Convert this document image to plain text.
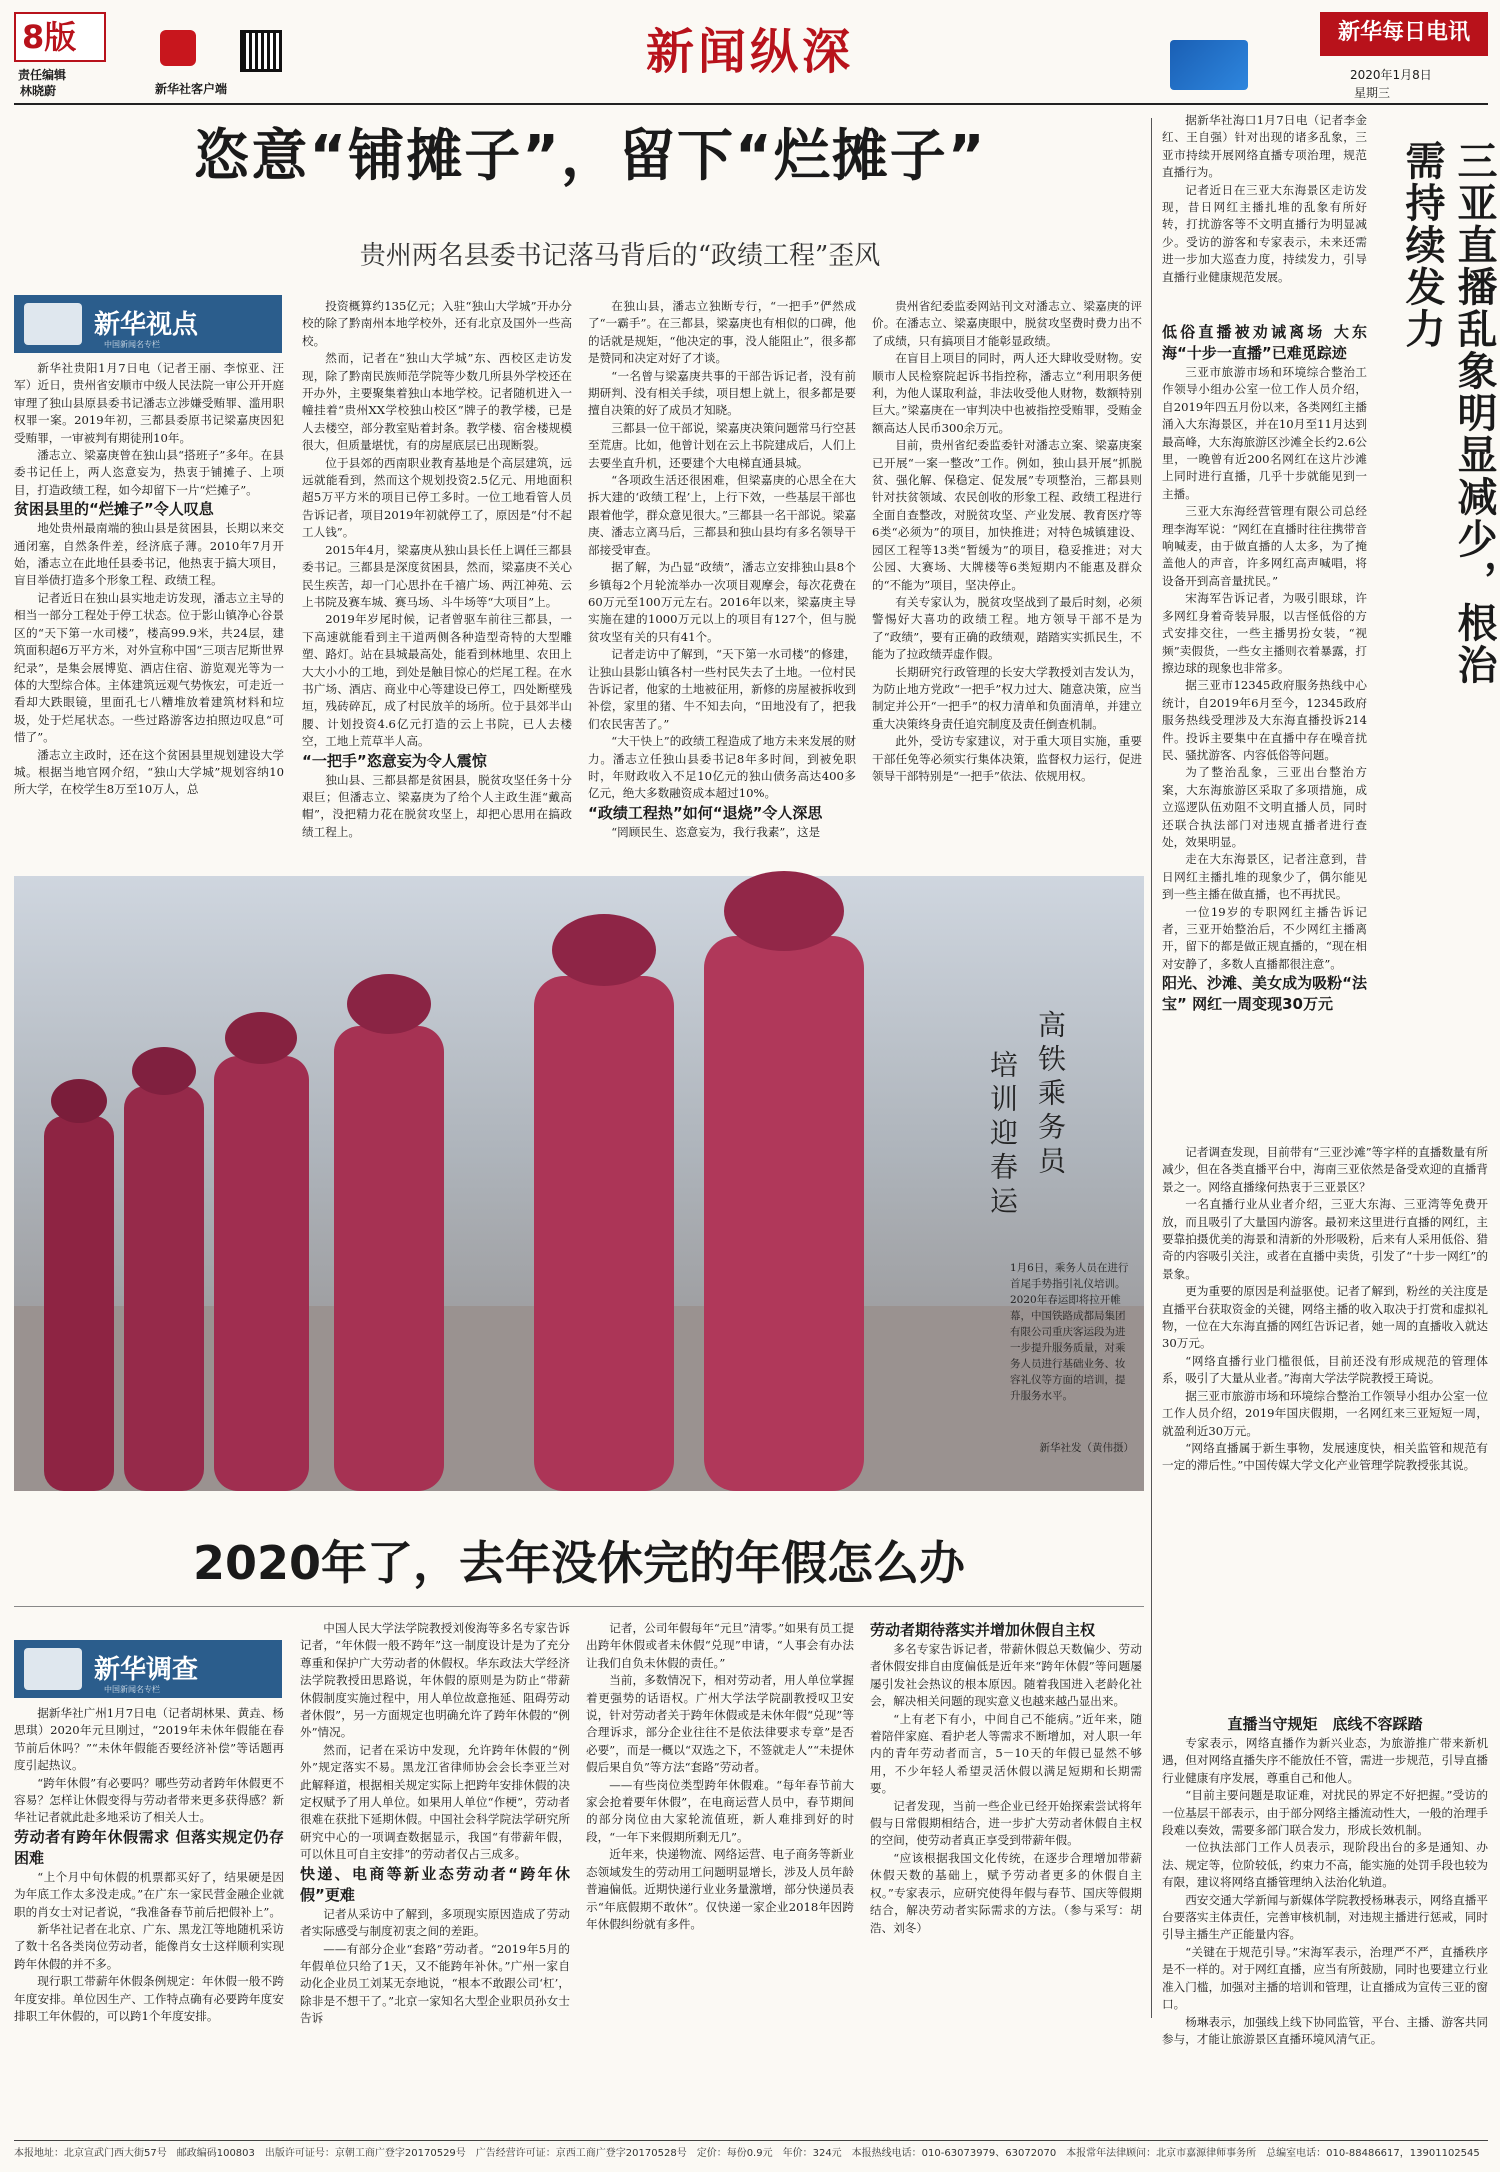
8版
责任编辑
林晓蔚	新华社客户端
新闻纵深	新华每日电讯
2020年1月8日
星期三
恣意“铺摊子”，留下“烂摊子”
贵州两名县委书记落马背后的“政绩工程”歪风
新华视点
中国新闻名专栏

新华社贵阳1月7日电（记者王丽、李惊亚、汪军）近日，贵州省安顺市中级人民法院一审公开开庭审理了独山县原县委书记潘志立涉嫌受贿罪、滥用职权罪一案。2019年初，三都县委原书记梁嘉庚因犯受贿罪，一审被判有期徒刑10年。

潘志立、梁嘉庚曾在独山县“搭班子”多年。在县委书记任上，两人恣意妄为，热衷于铺摊子、上项目，打造政绩工程，如今却留下一片“烂摊子”。

贫困县里的“烂摊子”令人叹息

地处贵州最南端的独山县是贫困县，长期以来交通闭塞，自然条件差，经济底子薄。2010年7月开始，潘志立在此地任县委书记，他热衷于搞大项目，盲目举债打造多个形象工程、政绩工程。

记者近日在独山县实地走访发现，潘志立主导的相当一部分工程处于停工状态。位于影山镇净心谷景区的“天下第一水司楼”，楼高99.9米，共24层，建筑面积超6万平方米，对外宣称中国“三项吉尼斯世界纪录”，是集会展博览、酒店住宿、游览观光等为一体的大型综合体。主体建筑远观气势恢宏，可走近一看却大跌眼镜，里面孔七八糟堆放着建筑材料和垃圾，处于烂尾状态。一些过路游客边拍照边叹息“可惜了”。

潘志立主政时，还在这个贫困县里规划建设大学城。根据当地官网介绍，“独山大学城”规划容纳10所大学，在校学生8万至10万人，总

投资概算约135亿元；入驻“独山大学城”开办分校的除了黔南州本地学校外，还有北京及国外一些高校。

然而，记者在“独山大学城”东、西校区走访发现，除了黔南民族师范学院等少数几所县外学校还在开办外，主要聚集着独山本地学校。记者随机进入一幢挂着“贵州XX学校独山校区”牌子的教学楼，已是人去楼空，部分教室贴着封条。教学楼、宿舍楼规模很大，但质量堪忧，有的房屋底层已出现断裂。

位于县郊的西南职业教育基地是个高层建筑，远远就能看到，然而这个规划投资2.5亿元、用地面积超5万平方米的项目已停工多时。一位工地看管人员告诉记者，项目2019年初就停工了，原因是“付不起工人钱”。

2015年4月，梁嘉庚从独山县长任上调任三都县委书记。三都县是深度贫困县，然而，梁嘉庚不关心民生疾苦，却一门心思扑在千禧广场、两江神苑、云上书院及赛车城、赛马场、斗牛场等“大项目”上。

2019年岁尾时候，记者曾驱车前往三都县，一下高速就能看到主干道两侧各种造型奇特的大型雕塑、路灯。站在县城最高处，能看到林地里、农田上大大小小的工地，到处是触目惊心的烂尾工程。在水书广场、酒店、商业中心等建设已停工，四处断壁残垣，残砖碎瓦，成了村民放羊的场所。位于县郊半山腰、计划投资4.6亿元打造的云上书院，已人去楼空，工地上荒草半人高。

“一把手”恣意妄为令人震惊

独山县、三都县都是贫困县，脱贫攻坚任务十分艰巨；但潘志立、梁嘉庚为了给个人主政生涯“戴高帽”，没把精力花在脱贫攻坚上，却把心思用在搞政绩工程上。

在独山县，潘志立独断专行，“一把手”俨然成了“一霸手”。在三都县，梁嘉庚也有相似的口碑，他的话就是规矩，“他决定的事，没人能阻止”，很多都是赞同和决定对好了才谈。

“一名曾与梁嘉庚共事的干部告诉记者，没有前期研判、没有相关手续，项目想上就上，很多都是要擅自决策的好了成员才知晓。

三都县一位干部说，梁嘉庚决策问题常马行空甚至荒唐。比如，他曾计划在云上书院建成后，人们上去要坐直升机，还要建个大电梯直通县城。

“各项政生活还很困难，但梁嘉庚的心思全在大拆大建的‘政绩工程’上，上行下效，一些基层干部也跟着他学，群众意见很大。”三都县一名干部说。梁嘉庚、潘志立离马后，三都县和独山县均有多名领导干部接受审查。

据了解，为凸显“政绩”，潘志立安排独山县8个乡镇每2个月轮流举办一次项目观摩会，每次花费在60万元至100万元左右。2016年以来，梁嘉庚主导实施在建的1000万元以上的项目有127个，但与脱贫攻坚有关的只有41个。

记者走访中了解到，“天下第一水司楼”的修建，让独山县影山镇各村一些村民失去了土地。一位村民告诉记者，他家的土地被征用，新修的房屋被拆收到补偿，家里的猪、牛不知去向，“田地没有了，把我们农民害苦了。”

“大干快上”的政绩工程造成了地方未来发展的财力。潘志立任独山县委书记8年多时间，到被免职时，年财政收入不足10亿元的独山债务高达400多亿元，绝大多数融资成本超过10%。

“政绩工程热”如何“退烧”令人深思

“罔顾民生、恣意妄为，我行我素”，这是

贵州省纪委监委网站刊文对潘志立、梁嘉庚的评价。在潘志立、梁嘉庚眼中，脱贫攻坚费时费力出不了成绩，只有搞项目才能彰显政绩。

在盲目上项目的同时，两人还大肆收受财物。安顺市人民检察院起诉书指控称，潘志立“利用职务便利，为他人谋取利益，非法收受他人财物，数额特别巨大。”梁嘉庚在一审判决中也被指控受贿罪，受贿金额高达人民币300余万元。

目前，贵州省纪委监委针对潘志立案、梁嘉庚案已开展“一案一整改”工作。例如，独山县开展“抓脱贫、强化解、保稳定、促发展”专项整治，三都县则针对扶贫领域、农民创收的形象工程、政绩工程进行全面自查整改，对脱贫攻坚、产业发展、教育医疗等6类“必须为”的项目，加快推进；对特色城镇建设、园区工程等13类“暂缓为”的项目，稳妥推进；对大公园、大赛场、大牌楼等6类短期内不能惠及群众的“不能为”项目，坚决停止。

有关专家认为，脱贫攻坚战到了最后时刻，必须警惕好大喜功的政绩工程。地方领导干部不是为了“政绩”，要有正确的政绩观，踏踏实实抓民生，不能为了拉政绩弄虚作假。

长期研究行政管理的长安大学教授刘吉发认为，为防止地方党政“一把手”权力过大、随意决策，应当制定并公开“一把手”的权力清单和负面清单，并建立重大决策终身责任追究制度及责任倒查机制。

此外，受访专家建议，对于重大项目实施，重要干部任免等必须实行集体决策，监督权力运行，促进领导干部特别是“一把手”依法、依规用权。

高铁乘务员
培训迎春运
1月6日，乘务人员在进行首尾手势指引礼仪培训。2020年春运即将拉开帷幕，中国铁路成都局集团有限公司重庆客运段为进一步提升服务质量，对乘务人员进行基础业务、妆容礼仪等方面的培训，提升服务水平。
新华社发（黄伟摄）

据新华社海口1月7日电（记者李金红、王自强）针对出现的诸多乱象，三亚市持续开展网络直播专项治理，规范直播行为。

记者近日在三亚大东海景区走访发现，昔日网红主播扎堆的乱象有所好转，打扰游客等不文明直播行为明显减少。受访的游客和专家表示，未来还需进一步加大巡查力度，持续发力，引导直播行业健康规范发展。	三亚直播乱象明显减少，根治需持续发力

低俗直播被劝诫离场 大东海“十步一直播”已难觅踪迹

三亚市旅游市场和环境综合整治工作领导小组办公室一位工作人员介绍，自2019年四五月份以来，各类网红主播涌入大东海景区，并在10月至11月达到最高峰，大东海旅游区沙滩全长约2.6公里，一晚曾有近200名网红在这片沙滩上同时进行直播，几乎十步就能见到一主播。

三亚大东海经营管理有限公司总经理李海军说：“网红在直播时往往携带音响喊麦，由于做直播的人太多，为了掩盖他人的声音，许多网红高声喊唱，将设备开到高音量扰民。”

宋海军告诉记者，为吸引眼球，许多网红身着奇装异服，以吉怪低俗的方式安排交往，一些主播男扮女装，“视频”卖假货，一些女主播则衣着暴露，打擦边球的现象也非常多。

据三亚市12345政府服务热线中心统计，自2019年6月至今，12345政府服务热线受理涉及大东海直播投诉214件。投诉主要集中在直播中存在噪音扰民、骚扰游客、内容低俗等问题。

为了整治乱象，三亚出台整治方案，大东海旅游区采取了多项措施，成立巡逻队伍劝阻不文明直播人员，同时还联合执法部门对违规直播者进行查处，效果明显。

走在大东海景区，记者注意到，昔日网红主播扎堆的现象少了，偶尔能见到一些主播在做直播，也不再扰民。

一位19岁的专职网红主播告诉记者，三亚开始整治后，不少网红主播离开，留下的都是做正规直播的，“现在相对安静了，多数人直播都很注意”。

阳光、沙滩、美女成为吸粉“法宝” 网红一周变现30万元

记者调查发现，目前带有“三亚沙滩”等字样的直播数量有所减少，但在各类直播平台中，海南三亚依然是备受欢迎的直播背景之一。网络直播缘何热衷于三亚景区？

一名直播行业从业者介绍，三亚大东海、三亚湾等免费开放，而且吸引了大量国内游客。最初来这里进行直播的网红，主要靠拍摄优美的海景和清新的外形吸粉，后来有人采用低俗、猎奇的内容吸引关注，或者在直播中卖货，引发了“十步一网红”的景象。

更为重要的原因是利益驱使。记者了解到，粉丝的关注度是直播平台获取资金的关键，网络主播的收入取决于打赏和虚拟礼物，一位在大东海直播的网红告诉记者，她一周的直播收入就达30万元。

“网络直播行业门槛很低，目前还没有形成规范的管理体系，吸引了大量从业者。”海南大学法学院教授王琦说。

据三亚市旅游市场和环境综合整治工作领导小组办公室一位工作人员介绍，2019年国庆假期，一名网红来三亚短短一周，就盈利近30万元。

“网络直播属于新生事物，发展速度快，相关监管和规范有一定的滞后性。”中国传媒大学文化产业管理学院教授张其说。

直播当守规矩　底线不容踩踏

专家表示，网络直播作为新兴业态，为旅游推广带来新机遇，但对网络直播失序不能放任不管，需进一步规范，引导直播行业健康有序发展，尊重自己和他人。

“目前主要问题是取证难，对扰民的界定不好把握。”受访的一位基层干部表示，由于部分网络主播流动性大，一般的治理手段难以奏效，需要多部门联合发力，形成长效机制。

一位执法部门工作人员表示，现阶段出台的多是通知、办法、规定等，位阶较低，约束力不高，能实施的处罚手段也较为有限，建议将网络直播管理纳入法治化轨道。

西安交通大学新闻与新媒体学院教授杨琳表示，网络直播平台要落实主体责任，完善审核机制，对违规主播进行惩戒，同时引导主播生产正能量内容。

“关键在于规范引导。”宋海军表示，治理严不严，直播秩序是不一样的。对于网红直播，应当有所鼓励，同时也要建立行业准入门槛，加强对主播的培训和管理，让直播成为宣传三亚的窗口。

杨琳表示，加强线上线下协同监管，平台、主播、游客共同参与，才能让旅游景区直播环境风清气正。

2020年了，去年没休完的年假怎么办
新华调查
中国新闻名专栏

据新华社广州1月7日电（记者胡林果、黄垚、杨思琪）2020年元旦刚过，“2019年未休年假能在春节前后休吗？”“未休年假能否要经济补偿”等话题再度引起热议。

“跨年休假”有必要吗？哪些劳动者跨年休假更不容易？怎样让休假变得与劳动者带来更多获得感？新华社记者就此赴多地采访了相关人士。

劳动者有跨年休假需求 但落实规定仍存困难

“上个月中旬休假的机票都买好了，结果硬是因为年底工作太多没走成。”在广东一家民营金融企业就职的肖女士对记者说，“我准备春节前后把假补上”。

新华社记者在北京、广东、黑龙江等地随机采访了数十名各类岗位劳动者，能像肖女士这样顺利实现跨年休假的并不多。

现行职工带薪年休假条例规定：年休假一般不跨年度安排。单位因生产、工作特点确有必要跨年度安排职工年休假的，可以跨1个年度安排。

中国人民大学法学院教授刘俊海等多名专家告诉记者，“年休假一般不跨年”这一制度设计是为了充分尊重和保护广大劳动者的休假权。华东政法大学经济法学院教授田思路说，年休假的原则是为防止“带薪休假制度实施过程中，用人单位故意拖延、阻碍劳动者休假”，另一方面规定也明确允许了跨年休假的“例外”情况。

然而，记者在采访中发现，允许跨年休假的“例外”规定落实不易。黑龙江省律师协会会长李亚兰对此解释道，根据相关规定实际上把跨年安排休假的决定权赋予了用人单位。如果用人单位“作梗”，劳动者很难在获批下延期休假。中国社会科学院法学研究所研究中心的一项调查数据显示，我国“有带薪年假，可以休且可自主安排”的劳动者仅占三成多。

快递、电商等新业态劳动者“跨年休假”更难

记者从采访中了解到，多项现实原因造成了劳动者实际感受与制度初衷之间的差距。

——有部分企业“套路”劳动者。“2019年5月的年假单位只给了1天，又不能跨年补休。”广州一家自动化企业员工刘某无奈地说，“根本不敢跟公司‘杠’，除非是不想干了。”北京一家知名大型企业职员孙女士告诉

记者，公司年假每年“元旦”清零。”如果有员工提出跨年休假或者未休假“兑现”申请，“人事会有办法让我们自负未休假的责任。”

当前，多数情况下，相对劳动者，用人单位掌握着更强势的话语权。广州大学法学院副教授叹卫安说，针对劳动者关于跨年休假或是未休年假“兑现”等合理诉求，部分企业往往不是依法律要求专章”是否必要”，而是一概以“双选之下，不签就走人”“未提休假后果自负”等方法“套路”劳动者。

——有些岗位类型跨年休假难。“每年春节前大家会抢着要年休假”，在电商运营人员中，春节期间的部分岗位由大家轮流值班，新人难排到好的时段，“一年下来假期所剩无几”。

近年来，快递物流、网络运营、电子商务等新业态领域发生的劳动用工问题明显增长，涉及人员年龄普遍偏低。近期快递行业业务量激增，部分快递员表示“年底假期不敢休”。仅快递一家企业2018年因跨年休假纠纷就有多件。

劳动者期待落实并增加休假自主权

多名专家告诉记者，带薪休假总天数偏少、劳动者休假安排自由度偏低是近年来“跨年休假”等问题屡屡引发社会热议的根本原因。随着我国进入老龄化社会，解决相关问题的现实意义也越来越凸显出来。

“上有老下有小，中间自己不能病。”近年来，随着陪伴家庭、看护老人等需求不断增加，对人职一年内的青年劳动者而言，5－10天的年假已显然不够用，不少年轻人希望灵活休假以满足短期和长期需要。

记者发现，当前一些企业已经开始探索尝试将年假与日常假期相结合，进一步扩大劳动者休假自主权的空间，使劳动者真正享受到带薪年假。

“应该根据我国文化传统，在逐步合理增加带薪休假天数的基础上，赋予劳动者更多的休假自主权。”专家表示，应研究使得年假与春节、国庆等假期结合，解决劳动者实际需求的方法。（参与采写：胡浩、刘冬）

本报地址：北京宣武门西大街57号　邮政编码100803　出版许可证号：京朝工商广登字20170529号　广告经营许可证：京西工商广登字20170528号　定价：每份0.9元　年价：324元　本报热线电话：010-63073979、63072070　本报常年法律顾问：北京市嘉源律师事务所　总编室电话：010-88486617，13901102545
